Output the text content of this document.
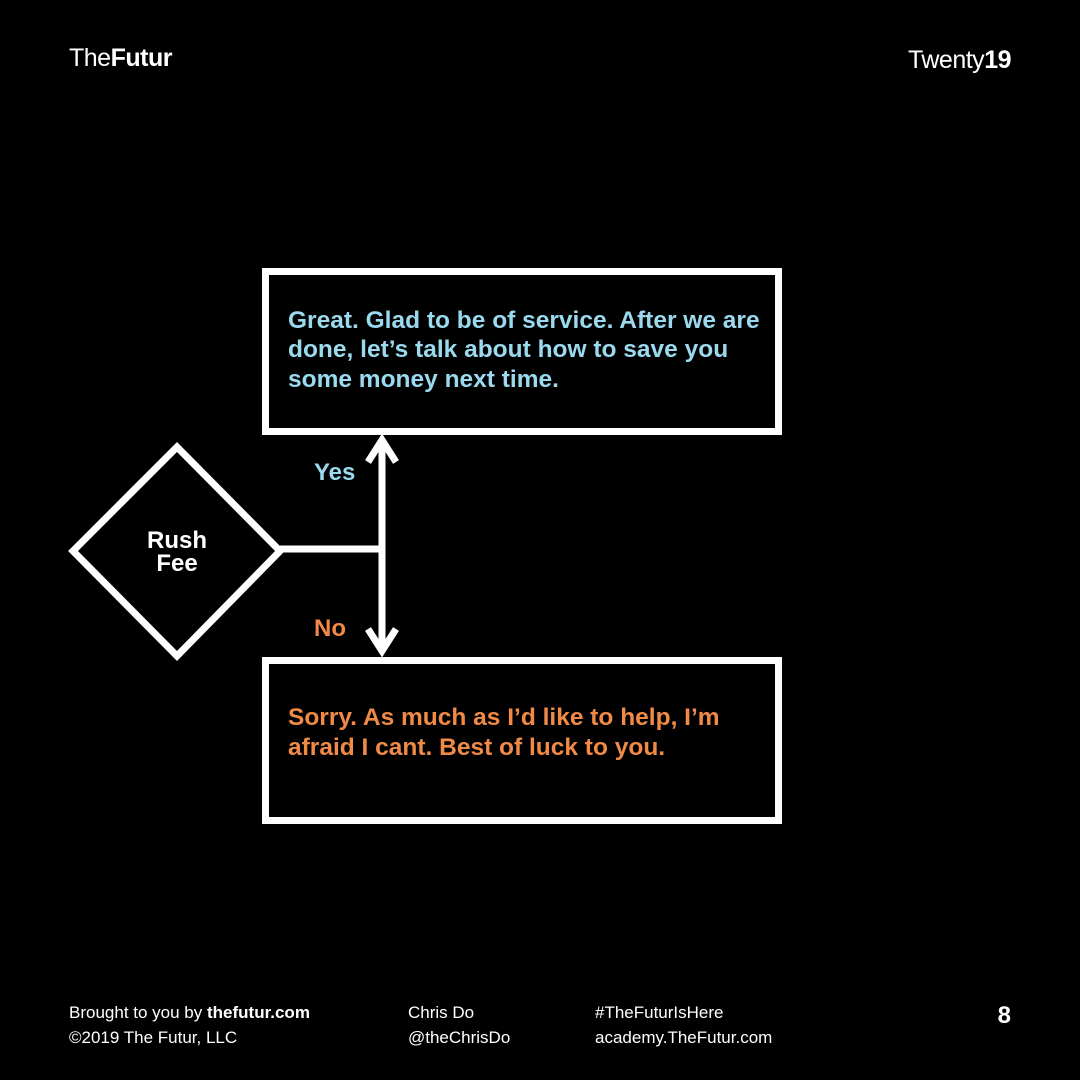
TheFutur	Twenty19
Rush
Fee
Yes
No

Great. Glad to be of service. After we are done, let’s talk about how to save you some money next time.

Sorry. As much as I’d like to help, I’m afraid I cant. Best of luck to you.

Brought to you by thefutur.com
©2019 The Futur, LLC
Chris Do
@theChrisDo
#TheFuturIsHere
academy.TheFutur.com
8
